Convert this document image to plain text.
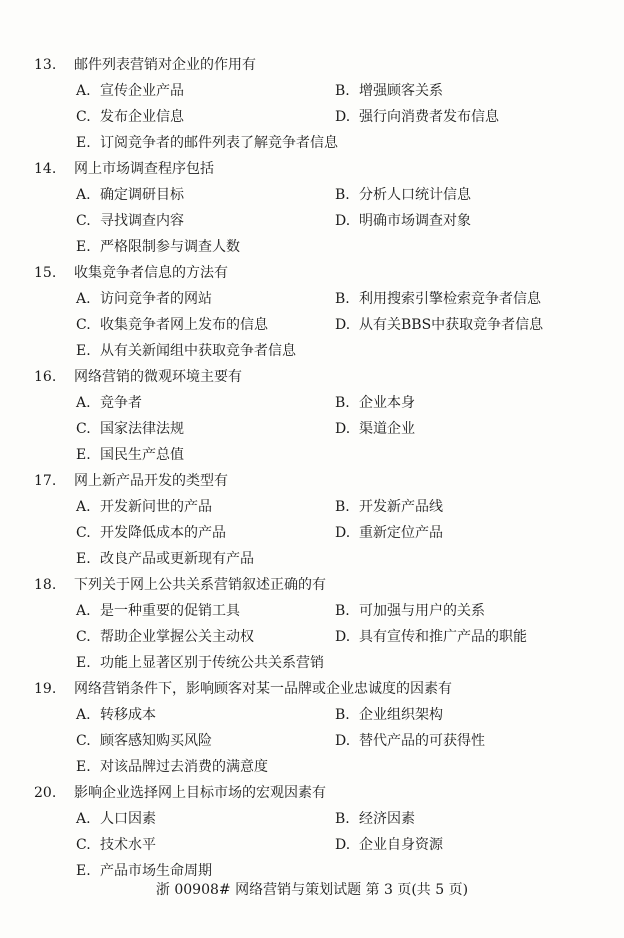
13. 邮件列表营销对企业的作用有
A. 宣传企业产品	B. 增强顾客关系
C. 发布企业信息	D. 强行向消费者发布信息
E. 订阅竞争者的邮件列表了解竞争者信息
14. 网上市场调查程序包括
A. 确定调研目标	B. 分析人口统计信息
C. 寻找调查内容	D. 明确市场调查对象
E. 严格限制参与调查人数
15. 收集竞争者信息的方法有
A. 访问竞争者的网站	B. 利用搜索引擎检索竞争者信息
C. 收集竞争者网上发布的信息	D. 从有关BBS中获取竞争者信息
E. 从有关新闻组中获取竞争者信息
16. 网络营销的微观环境主要有
A. 竞争者	B. 企业本身
C. 国家法律法规	D. 渠道企业
E. 国民生产总值
17. 网上新产品开发的类型有
A. 开发新问世的产品	B. 开发新产品线
C. 开发降低成本的产品	D. 重新定位产品
E. 改良产品或更新现有产品
18. 下列关于网上公共关系营销叙述正确的有
A. 是一种重要的促销工具	B. 可加强与用户的关系
C. 帮助企业掌握公关主动权	D. 具有宣传和推广产品的职能
E. 功能上显著区别于传统公共关系营销
19. 网络营销条件下，影响顾客对某一品牌或企业忠诚度的因素有
A. 转移成本	B. 企业组织架构
C. 顾客感知购买风险	D. 替代产品的可获得性
E. 对该品牌过去消费的满意度
20. 影响企业选择网上目标市场的宏观因素有
A. 人口因素	B. 经济因素
C. 技术水平	D. 企业自身资源
E. 产品市场生命周期
浙 00908# 网络营销与策划试题 第 3 页(共 5 页)
